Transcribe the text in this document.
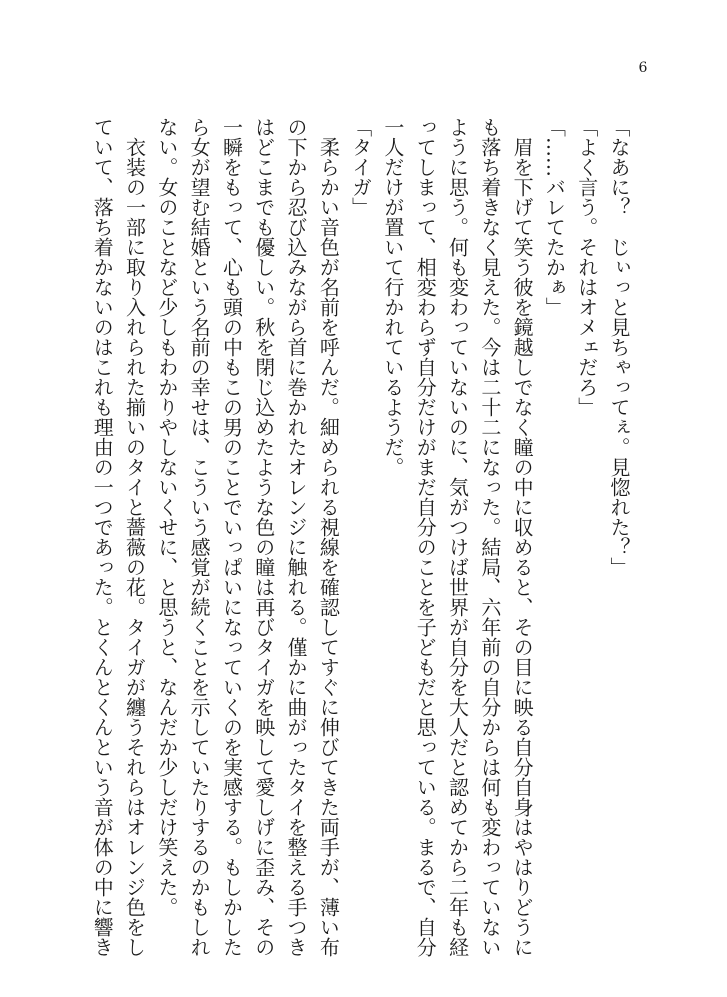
6

「なあに？　じぃっと見ちゃってぇ。見惚れた？」

「よく言う。それはオメェだろ」

「……バレてたかぁ」

　眉を下げて笑う彼を鏡越しでなく瞳の中に収めると、その目に映る自分自身はやはりどうに

も落ち着きなく見えた。今は二十二になった。結局、六年前の自分からは何も変わっていない

ように思う。何も変わっていないのに、気がつけば世界が自分を大人だと認めてから二年も経

ってしまって、相変わらず自分だけがまだ自分のことを子どもだと思っている。まるで、自分

一人だけが置いて行かれているようだ。

「タイガ」

　柔らかい音色が名前を呼んだ。細められる視線を確認してすぐに伸びてきた両手が、薄い布

の下から忍び込みながら首に巻かれたオレンジに触れる。僅かに曲がったタイを整える手つき

はどこまでも優しい。秋を閉じ込めたような色の瞳は再びタイガを映して愛しげに歪み、その

一瞬をもって、心も頭の中もこの男のことでいっぱいになっていくのを実感する。もしかした

ら女が望む結婚という名前の幸せは、こういう感覚が続くことを示していたりするのかもしれ

ない。女のことなど少しもわかりやしないくせに、と思うと、なんだか少しだけ笑えた。

　衣装の一部に取り入れられた揃いのタイと薔薇の花。タイガが纏うそれらはオレンジ色をし

ていて、落ち着かないのはこれも理由の一つであった。とくんとくんという音が体の中に響き
